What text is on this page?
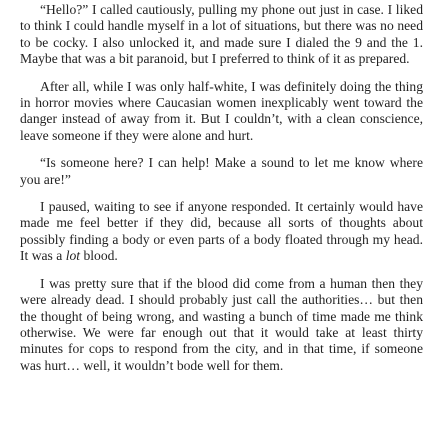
“Hello?” I called cautiously, pulling my phone out just in case. I liked to think I could handle myself in a lot of situations, but there was no need to be cocky. I also unlocked it, and made sure I dialed the 9 and the 1. Maybe that was a bit paranoid, but I preferred to think of it as prepared.

After all, while I was only half-white, I was definitely doing the thing in horror movies where Caucasian women inexplicably went toward the danger instead of away from it. But I couldn’t, with a clean conscience, leave someone if they were alone and hurt.

“Is someone here? I can help! Make a sound to let me know where you are!”

I paused, waiting to see if anyone responded. It certainly would have made me feel better if they did, because all sorts of thoughts about possibly finding a body or even parts of a body floated through my head. It was a lot blood.

I was pretty sure that if the blood did come from a human then they were already dead. I should probably just call the authorities… but then the thought of being wrong, and wasting a bunch of time made me think otherwise. We were far enough out that it would take at least thirty minutes for cops to respond from the city, and in that time, if someone was hurt… well, it wouldn’t bode well for them.
